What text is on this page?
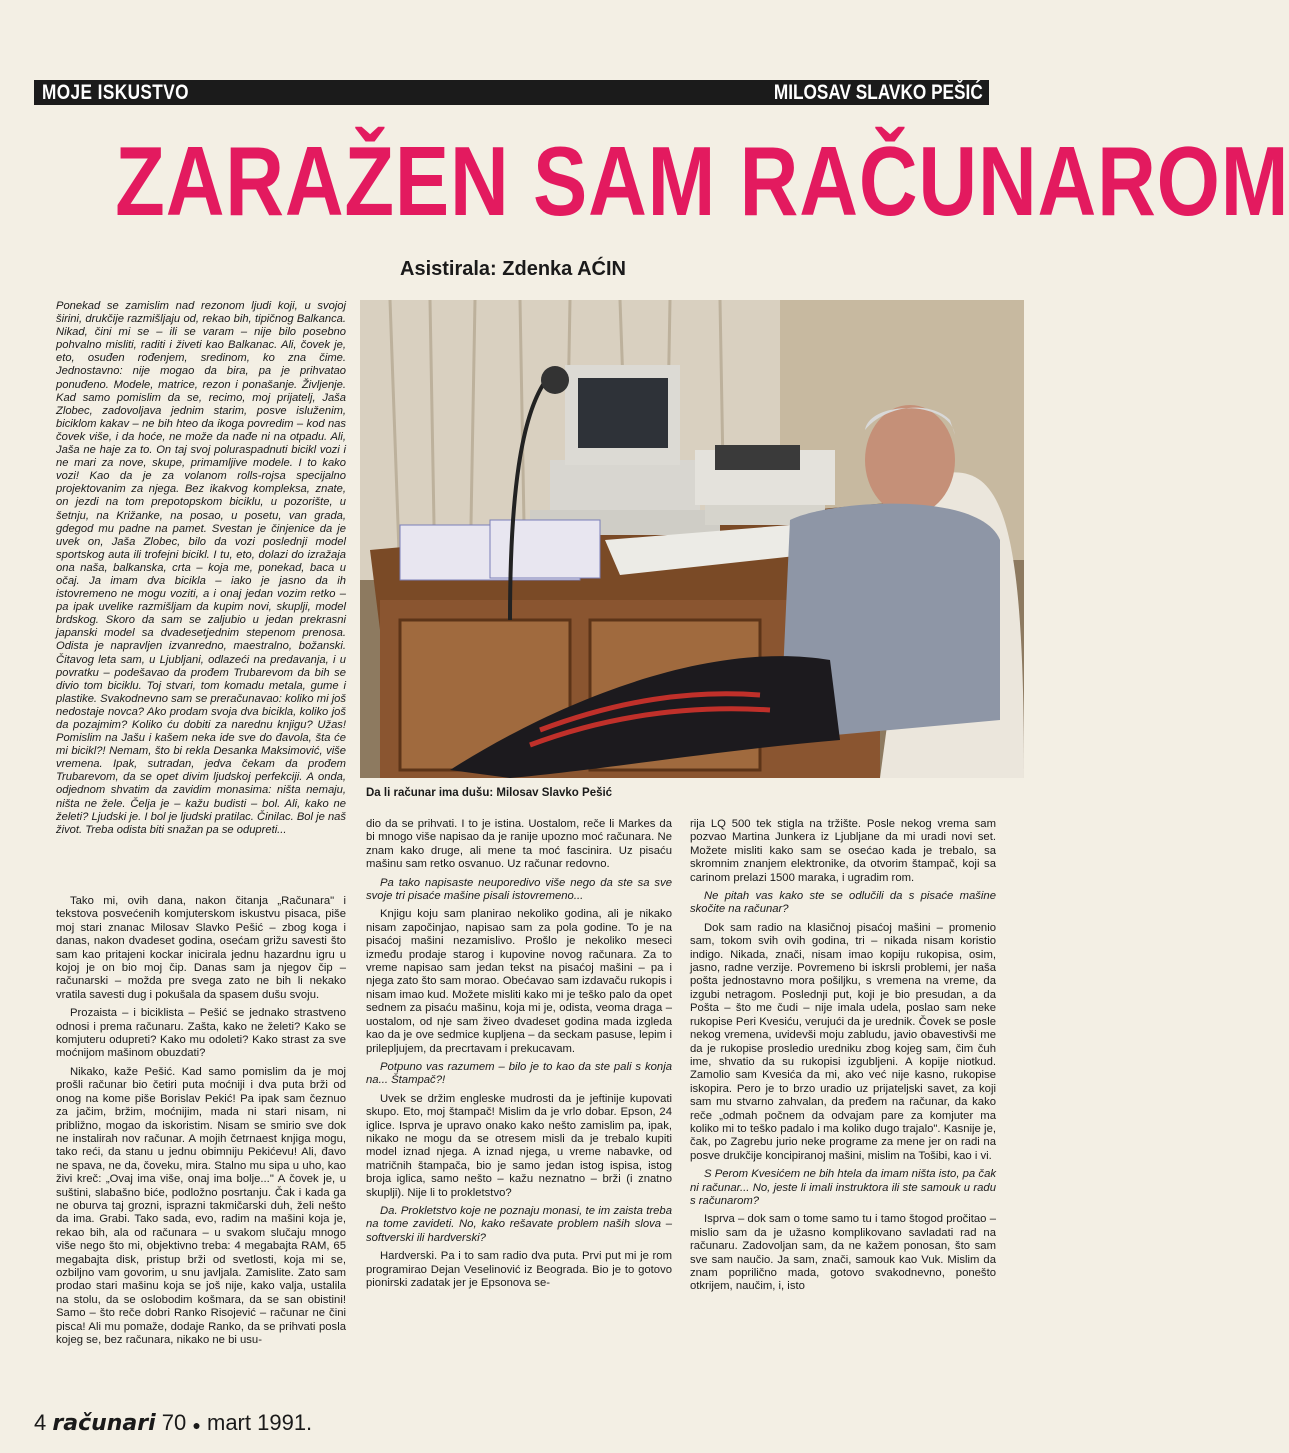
MOJE ISKUSTVO	MILOSAV SLAVKO PEŠIĆ
ZARAŽEN SAM RAČUNAROM
Asistirala: Zdenka AĆIN

Ponekad se zamislim nad rezonom ljudi koji, u svojoj širini, drukčije razmišljaju od, rekao bih, tipičnog Balkanca. Nikad, čini mi se – ili se varam – nije bilo posebno pohvalno misliti, raditi i živeti kao Balkanac. Ali, čovek je, eto, osuđen rođenjem, sredinom, ko zna čime. Jednostavno: nije mogao da bira, pa je prihvatao ponuđeno. Modele, matrice, rezon i ponašanje. Življenje. Kad samo pomislim da se, recimo, moj prijatelj, Jaša Zlobec, zadovoljava jednim starim, posve isluženim, biciklom kakav – ne bih hteo da ikoga povredim – kod nas čovek više, i da hoće, ne može da nađe ni na otpadu. Ali, Jaša ne haje za to. On taj svoj poluraspadnuti bicikl vozi i ne mari za nove, skupe, primamljive modele. I to kako vozi! Kao da je za volanom rolls-rojsa specijalno projektovanim za njega. Bez ikakvog kompleksa, znate, on jezdi na tom prepotopskom biciklu, u pozorište, u šetnju, na Križanke, na posao, u posetu, van grada, gdegod mu padne na pamet. Svestan je činjenice da je uvek on, Jaša Zlobec, bilo da vozi poslednji model sportskog auta ili trofejni bicikl. I tu, eto, dolazi do izražaja ona naša, balkanska, crta – koja me, ponekad, baca u očaj. Ja imam dva bicikla – iako je jasno da ih istovremeno ne mogu voziti, a i onaj jedan vozim retko – pa ipak uvelike razmišljam da kupim novi, skuplji, model brdskog. Skoro da sam se zaljubio u jedan prekrasni japanski model sa dvadesetjednim stepenom prenosa. Odista je napravljen izvanredno, maestralno, božanski. Čitavog leta sam, u Ljubljani, odlazeći na predavanja, i u povratku – podešavao da prođem Trubarevom da bih se divio tom biciklu. Toj stvari, tom komadu metala, gume i plastike. Svakodnevno sam se preračunavao: koliko mi još nedostaje novca? Ako prodam svoja dva bicikla, koliko još da pozajmim? Koliko ću dobiti za narednu knjigu? Užas! Pomislim na Jašu i kašem neka ide sve do đavola, šta će mi bicikl?! Nemam, što bi rekla Desanka Maksimović, više vremena. Ipak, sutradan, jedva čekam da prođem Trubarevom, da se opet divim ljudskoj perfekciji. A onda, odjednom shvatim da zavidim monasima: ništa nemaju, ništa ne žele. Čelja je – kažu budisti – bol. Ali, kako ne želeti? Ljudski je. I bol je ljudski pratilac. Činilac. Bol je naš život. Treba odista biti snažan pa se odupreti...

Da li računar ima dušu: Milosav Slavko Pešić

Tako mi, ovih dana, nakon čitanja „Računara" i tekstova posvećenih komjuterskom iskustvu pisaca, piše moj stari znanac Milosav Slavko Pešić – zbog koga i danas, nakon dvadeset godina, osećam grižu savesti što sam kao pritajeni kockar inicirala jednu hazardnu igru u kojoj je on bio moj čip. Danas sam ja njegov čip – računarski – možda pre svega zato ne bih li nekako vratila savesti dug i pokušala da spasem dušu svoju.

Prozaista – i biciklista – Pešić se jednako strastveno odnosi i prema računaru. Zašta, kako ne želeti? Kako se komjuteru odupreti? Kako mu odoleti? Kako strast za sve moćnijom mašinom obuzdati?

Nikako, kaže Pešić. Kad samo pomislim da je moj prošli računar bio četiri puta moćniji i dva puta brži od onog na kome piše Borislav Pekić! Pa ipak sam čeznuo za jačim, bržim, moćnijim, mada ni stari nisam, ni približno, mogao da iskoristim. Nisam se smirio sve dok ne instalirah nov računar. A mojih četrnaest knjiga mogu, tako reći, da stanu u jednu obimniju Pekićevu! Ali, đavo ne spava, ne da, čoveku, mira. Stalno mu sipa u uho, kao živi kreč: „Ovaj ima više, onaj ima bolje..." A čovek je, u suštini, slabašno biće, podložno posrtanju. Čak i kada ga ne oburva taj grozni, isprazni takmičarski duh, želi nešto da ima. Grabi. Tako sada, evo, radim na mašini koja je, rekao bih, ala od računara – u svakom slučaju mnogo više nego što mi, objektivno treba: 4 megabajta RAM, 65 megabajta disk, pristup brži od svetlosti, koja mi se, ozbiljno vam govorim, u snu javljala. Zamislite. Zato sam prodao stari mašinu koja se još nije, kako valja, ustalila na stolu, da se oslobodim košmara, da se san obistini! Samo – što reče dobri Ranko Risojević – računar ne čini pisca! Ali mu pomaže, dodaje Ranko, da se prihvati posla kojeg se, bez računara, nikako ne bi usu-

dio da se prihvati. I to je istina. Uostalom, reče li Markes da bi mnogo više napisao da je ranije upozno moć računara. Ne znam kako druge, ali mene ta moć fascinira. Uz pisaću mašinu sam retko osvanuo. Uz računar redovno.

Pa tako napisaste neuporedivo više nego da ste sa sve svoje tri pisaće mašine pisali istovremeno...

Knjigu koju sam planirao nekoliko godina, ali je nikako nisam započinjao, napisao sam za pola godine. To je na pisaćoj mašini nezamislivo. Prošlo je nekoliko meseci između prodaje starog i kupovine novog računara. Za to vreme napisao sam jedan tekst na pisaćoj mašini – pa i njega zato što sam morao. Obećavao sam izdavaču rukopis i nisam imao kud. Možete misliti kako mi je teško palo da opet sednem za pisaću mašinu, koja mi je, odista, veoma draga – uostalom, od nje sam živeo dvadeset godina mada izgleda kao da je ove sedmice kupljena – da seckam pasuse, lepim i prilepljujem, da precrtavam i prekucavam.

Potpuno vas razumem – bilo je to kao da ste pali s konja na... Štampač?!

Uvek se držim engleske mudrosti da je jeftinije kupovati skupo. Eto, moj štampač! Mislim da je vrlo dobar. Epson, 24 iglice. Isprva je upravo onako kako nešto zamislim pa, ipak, nikako ne mogu da se otresem misli da je trebalo kupiti model iznad njega. A iznad njega, u vreme nabavke, od matričnih štampača, bio je samo jedan istog ispisa, istog broja iglica, samo nešto – kažu neznatno – brži (i znatno skuplji). Nije li to prokletstvo?

Da. Prokletstvo koje ne poznaju monasi, te im zaista treba na tome zavideti. No, kako rešavate problem naših slova – softverski ili hardverski?

Hardverski. Pa i to sam radio dva puta. Prvi put mi je rom programirao Dejan Veselinović iz Beograda. Bio je to gotovo pionirski zadatak jer je Epsonova se-

rija LQ 500 tek stigla na tržište. Posle nekog vrema sam pozvao Martina Junkera iz Ljubljane da mi uradi novi set. Možete misliti kako sam se osećao kada je trebalo, sa skromnim znanjem elektronike, da otvorim štampač, koji sa carinom prelazi 1500 maraka, i ugradim rom.

Ne pitah vas kako ste se odlučili da s pisaće mašine skočite na računar?

Dok sam radio na klasičnoj pisaćoj mašini – promenio sam, tokom svih ovih godina, tri – nikada nisam koristio indigo. Nikada, znači, nisam imao kopiju rukopisa, osim, jasno, radne verzije. Povremeno bi iskrsli problemi, jer naša pošta jednostavno mora pošiljku, s vremena na vreme, da izgubi netragom. Poslednji put, koji je bio presudan, a da Pošta – što me čudi – nije imala udela, poslao sam neke rukopise Peri Kvesiću, verujući da je urednik. Čovek se posle nekog vremena, uvidevši moju zabludu, javio obavestivši me da je rukopise prosledio uredniku zbog kojeg sam, čim čuh ime, shvatio da su rukopisi izgubljeni. A kopije niotkud. Zamolio sam Kvesića da mi, ako već nije kasno, rukopise iskopira. Pero je to brzo uradio uz prijateljski savet, za koji sam mu stvarno zahvalan, da pređem na računar, da kako reče „odmah počnem da odvajam pare za komjuter ma koliko mi to teško padalo i ma koliko dugo trajalo". Kasnije je, čak, po Zagrebu jurio neke programe za mene jer on radi na posve drukčije koncipiranoj mašini, mislim na Tošibi, kao i vi.

S Perom Kvesićem ne bih htela da imam ništa isto, pa čak ni računar... No, jeste li imali instruktora ili ste samouk u radu s računarom?

Isprva – dok sam o tome samo tu i tamo štogod pročitao – mislio sam da je užasno komplikovano savladati rad na računaru. Zadovoljan sam, da ne kažem ponosan, što sam sve sam naučio. Ja sam, znači, samouk kao Vuk. Mislim da znam popriličnо mada, gotovo svakodnevno, ponešto otkrijem, naučim, i, isto

4 računari 70 ● mart 1991.
